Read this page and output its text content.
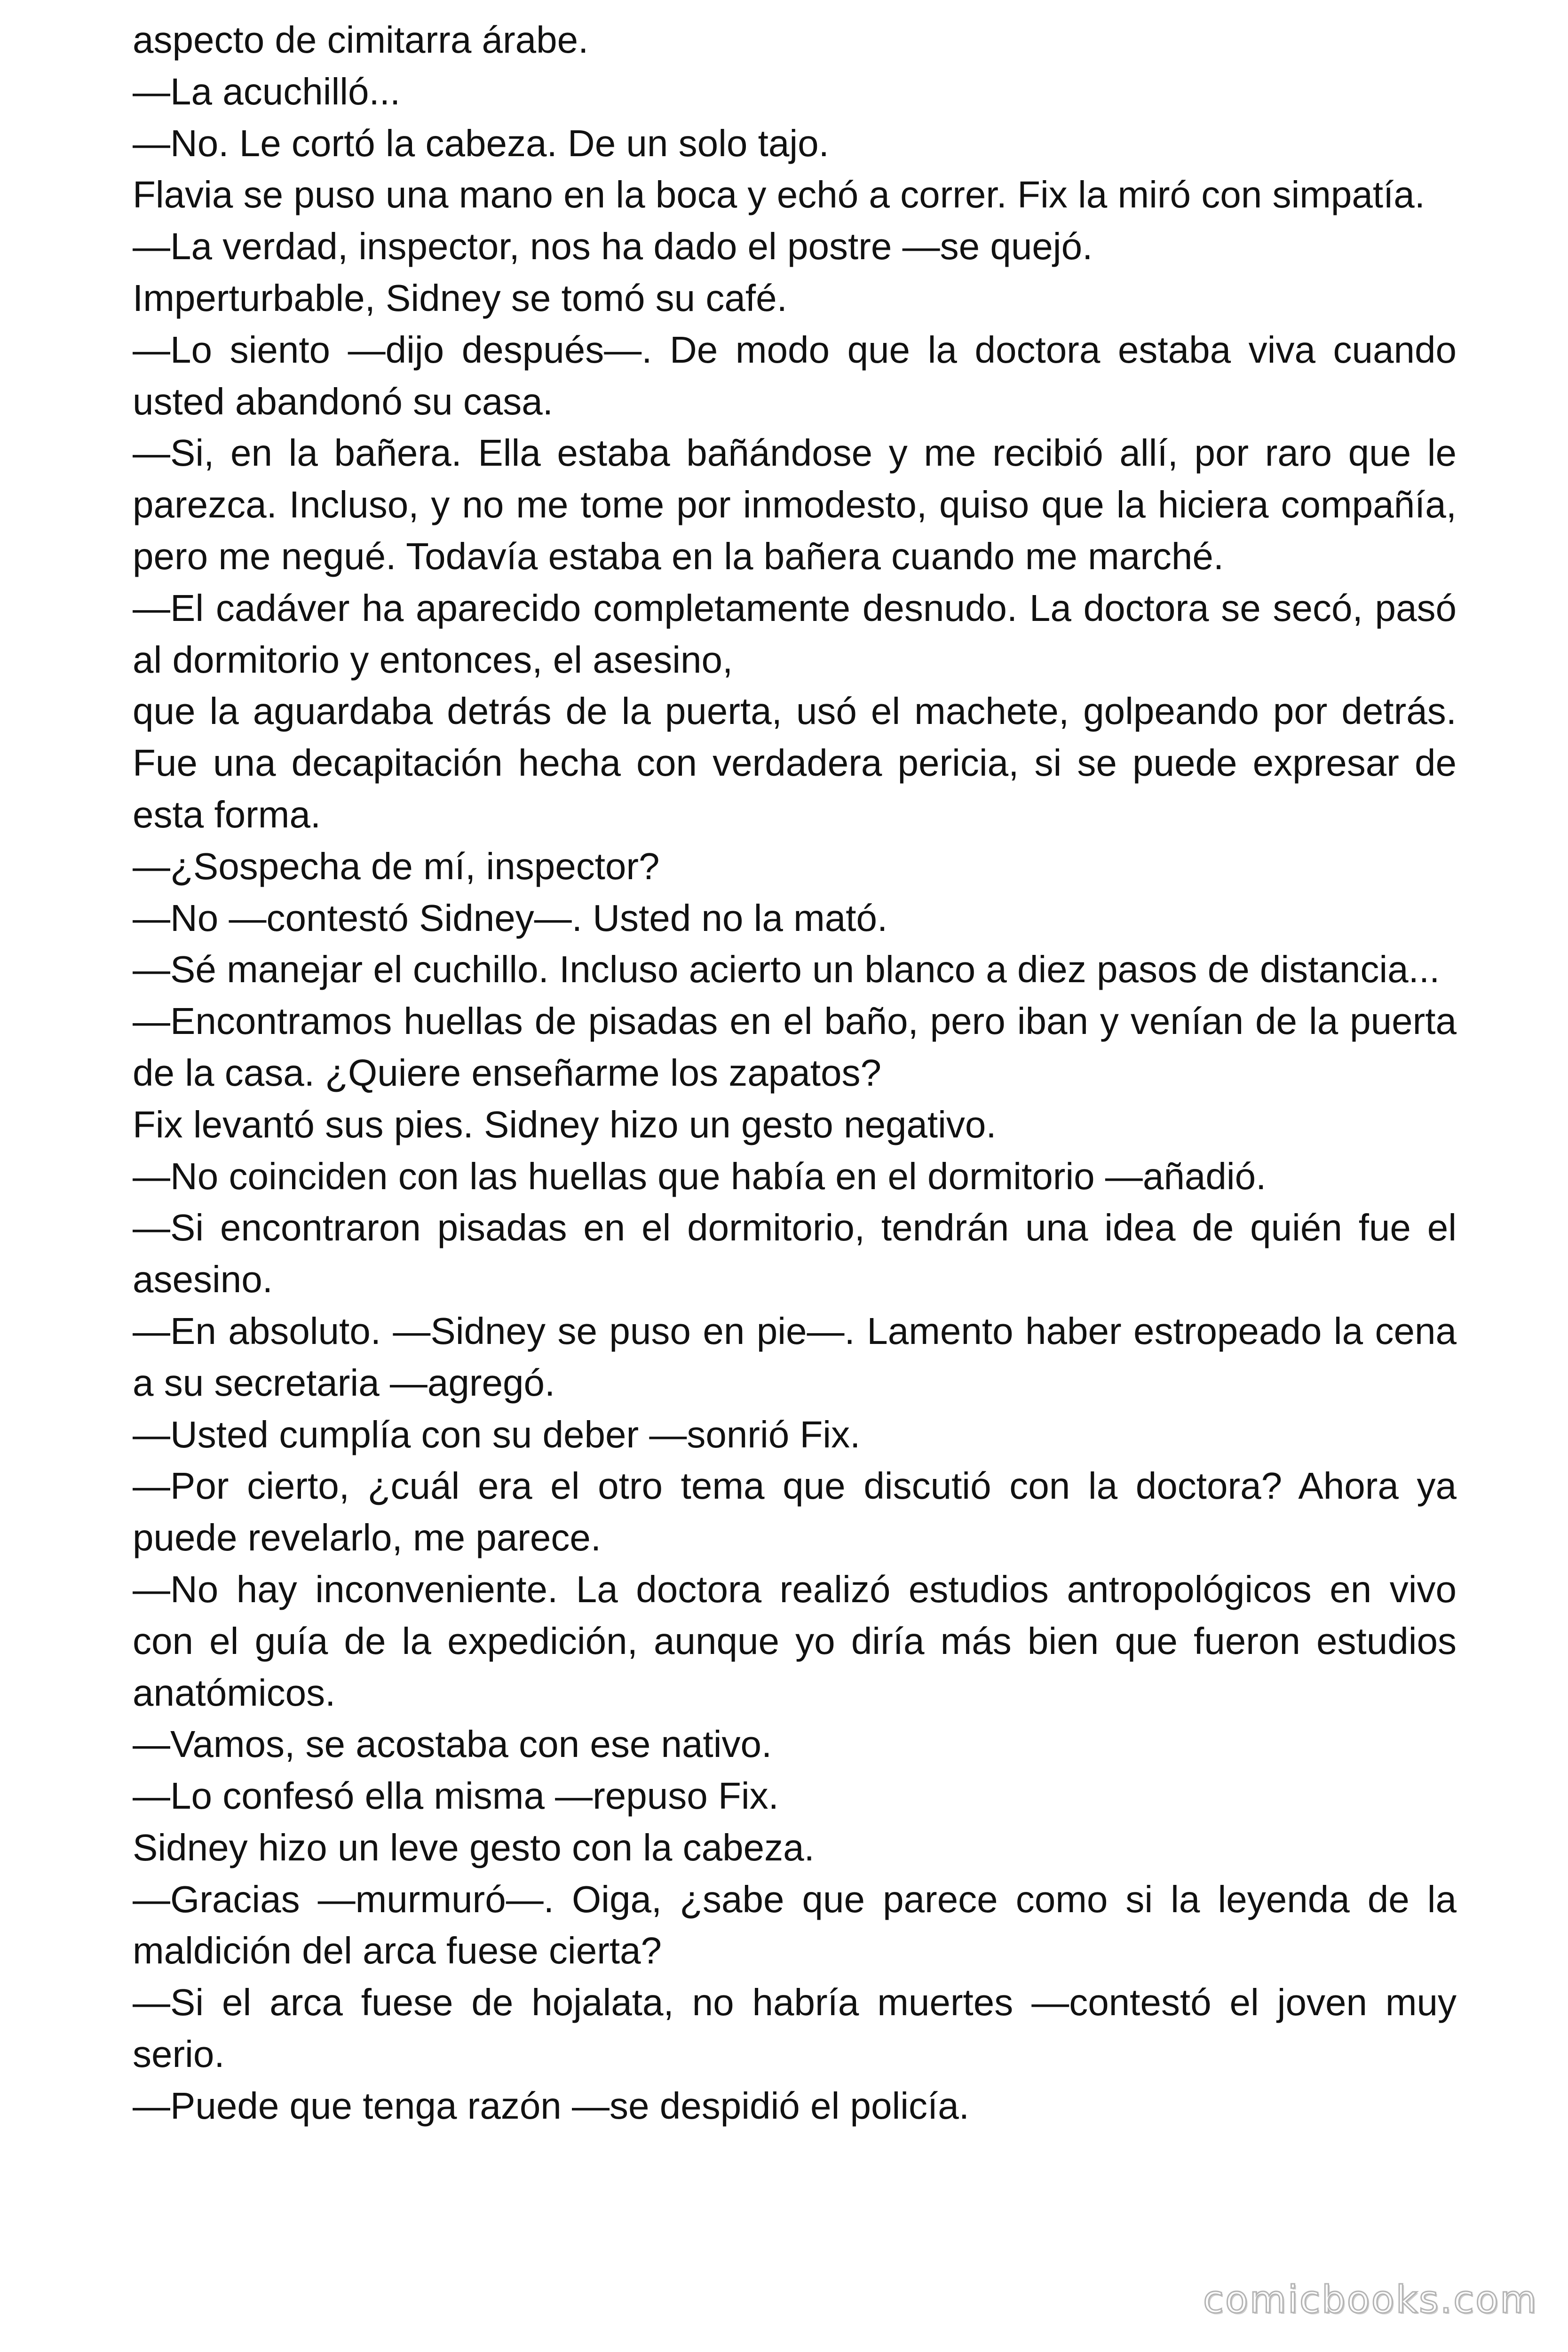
aspecto de cimitarra árabe.

—La acuchilló...

—No. Le cortó la cabeza. De un solo tajo.

Flavia se puso una mano en la boca y echó a correr. Fix la miró con simpatía.

—La verdad, inspector, nos ha dado el postre —se quejó.

Imperturbable, Sidney se tomó su café.

—Lo siento —dijo después—. De modo que la doctora estaba viva cuando usted abandonó su casa.

—Si, en la bañera. Ella estaba bañándose y me recibió allí, por raro que le parezca. Incluso, y no me tome por inmodesto, quiso que la hiciera compañía, pero me negué. Todavía estaba en la bañera cuando me marché.

—El cadáver ha aparecido completamente desnudo. La doctora se secó, pasó al dormitorio y entonces, el asesino,

que la aguardaba detrás de la puerta, usó el machete, golpeando por detrás. Fue una decapitación hecha con verdadera pericia, si se puede expresar de esta forma.

—¿Sospecha de mí, inspector?

—No —contestó Sidney—. Usted no la mató.

—Sé manejar el cuchillo. Incluso acierto un blanco a diez pasos de distancia...

—Encontramos huellas de pisadas en el baño, pero iban y venían de la puerta de la casa. ¿Quiere enseñarme los zapatos?

Fix levantó sus pies. Sidney hizo un gesto negativo.

—No coinciden con las huellas que había en el dormitorio —añadió.

—Si encontraron pisadas en el dormitorio, tendrán una idea de quién fue el asesino.

—En absoluto. —Sidney se puso en pie—. Lamento haber estropeado la cena a su secretaria —agregó.

—Usted cumplía con su deber —sonrió Fix.

—Por cierto, ¿cuál era el otro tema que discutió con la doctora? Ahora ya puede revelarlo, me parece.

—No hay inconveniente. La doctora realizó estudios antropológicos en vivo con el guía de la expedición, aunque yo diría más bien que fueron estudios anatómicos.

—Vamos, se acostaba con ese nativo.

—Lo confesó ella misma —repuso Fix.

Sidney hizo un leve gesto con la cabeza.

—Gracias —murmuró—. Oiga, ¿sabe que parece como si la leyenda de la maldición del arca fuese cierta?

—Si el arca fuese de hojalata, no habría muertes —contestó el joven muy serio.

—Puede que tenga razón —se despidió el policía.

comicbooks.com
